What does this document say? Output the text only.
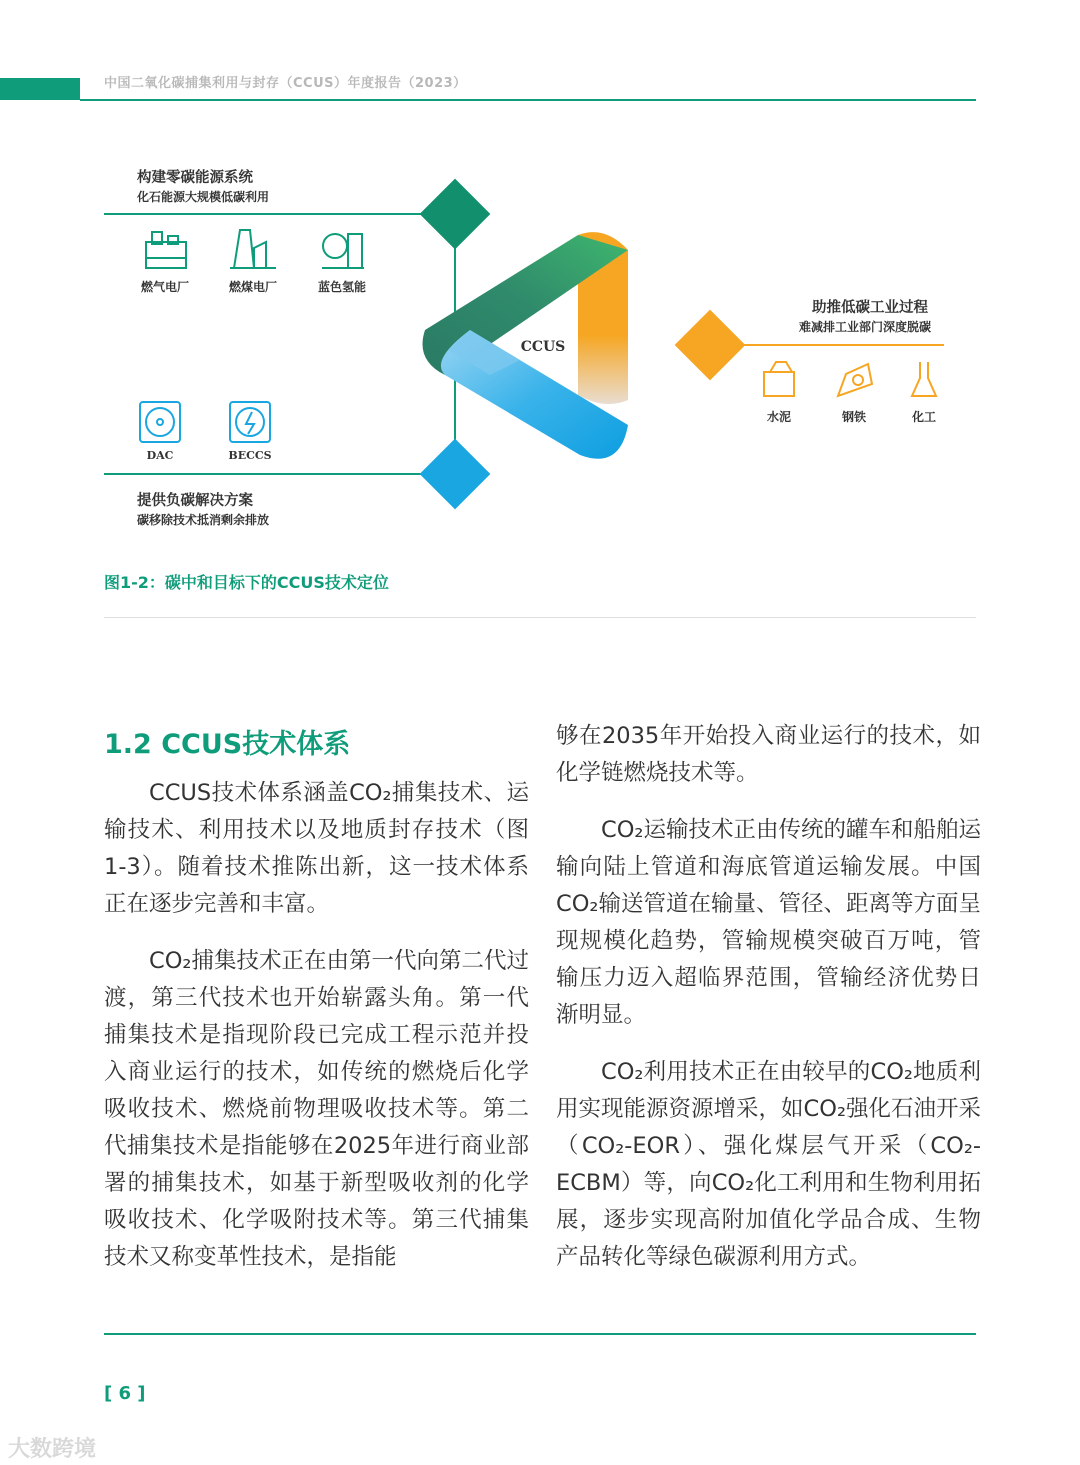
中国二氧化碳捕集利用与封存（CCUS）年度报告（2023）
CCUS
构建零碳能源系统
化石能源大规模低碳利用
燃气电厂	燃煤电厂	蓝色氢能
助推低碳工业过程
难减排工业部门深度脱碳
水泥	钢铁	化工
DAC	BECCS
提供负碳解决方案
碳移除技术抵消剩余排放
图1-2：碳中和目标下的CCUS技术定位
1.2 CCUS技术体系

CCUS技术体系涵盖CO₂捕集技术、运输技术、利用技术以及地质封存技术（图1-3）。随着技术推陈出新，这一技术体系正在逐步完善和丰富。

CO₂捕集技术正在由第一代向第二代过渡，第三代技术也开始崭露头角。第一代捕集技术是指现阶段已完成工程示范并投入商业运行的技术，如传统的燃烧后化学吸收技术、燃烧前物理吸收技术等。第二代捕集技术是指能够在2025年进行商业部署的捕集技术，如基于新型吸收剂的化学吸收技术、化学吸附技术等。第三代捕集技术又称变革性技术，是指能

够在2035年开始投入商业运行的技术，如化学链燃烧技术等。

CO₂运输技术正由传统的罐车和船舶运输向陆上管道和海底管道运输发展。中国CO₂输送管道在输量、管径、距离等方面呈现规模化趋势，管输规模突破百万吨，管输压力迈入超临界范围，管输经济优势日渐明显。

CO₂利用技术正在由较早的CO₂地质利用实现能源资源增采，如CO₂强化石油开采（CO₂-EOR）、强化煤层气开采（CO₂-ECBM）等，向CO₂化工利用和生物利用拓展，逐步实现高附加值化学品合成、生物产品转化等绿色碳源利用方式。

[ 6 ]
大数跨境
